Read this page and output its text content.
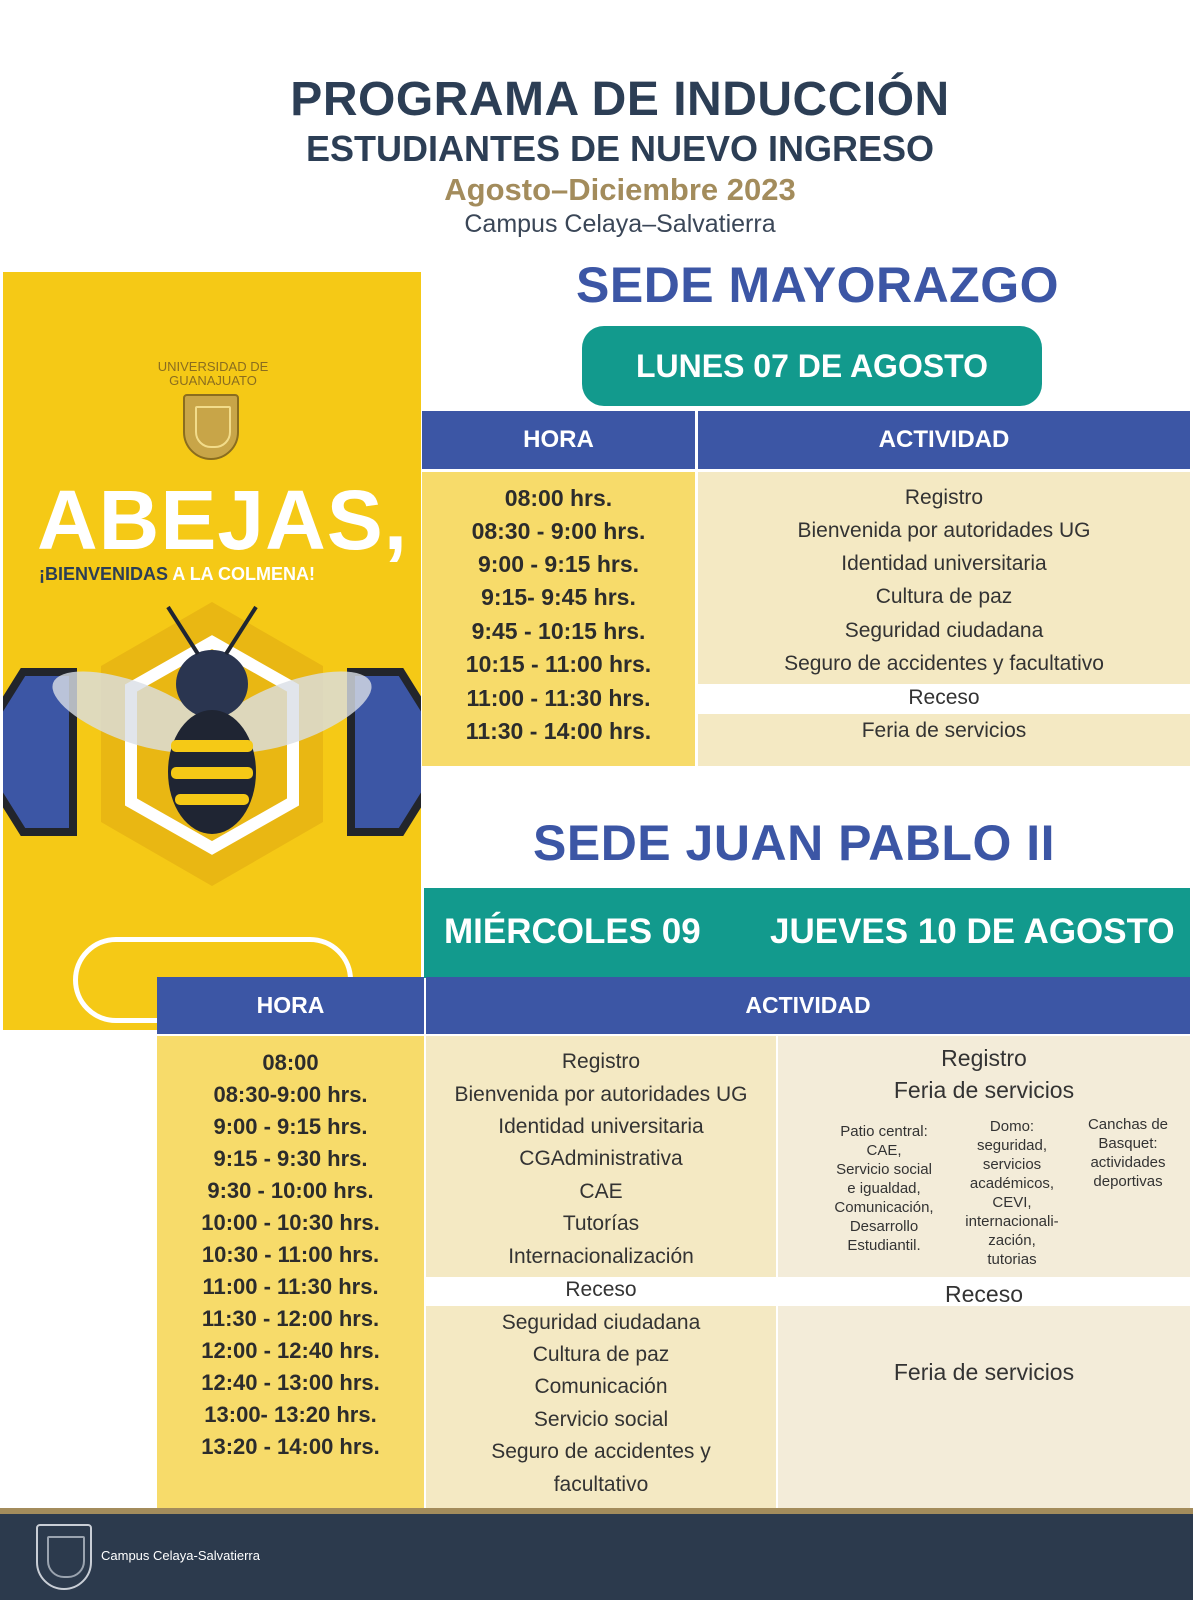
PROGRAMA DE INDUCCIÓN
ESTUDIANTES DE NUEVO INGRESO
Agosto–Diciembre 2023
Campus Celaya–Salvatierra
UNIVERSIDAD DE GUANAJUATO
ABEJAS,
¡BIENVENIDAS A LA COLMENA!
SEDE MAYORAZGO
LUNES 07 DE AGOSTO
HORA	ACTIVIDAD
Registro
Bienvenida por autoridades UG
Identidad universitaria
Cultura de paz
Seguridad ciudadana
Seguro de accidentes y facultativo
Receso
Feria de servicios
08:00 hrs.
08:30 - 9:00 hrs.
9:00 - 9:15 hrs.
9:15- 9:45 hrs.
9:45 - 10:15 hrs.
10:15 - 11:00 hrs.
11:00 - 11:30 hrs.
11:30 - 14:00 hrs.
SEDE JUAN PABLO II
MIÉRCOLES 09 JUEVES 10 DE AGOSTO
HORA	ACTIVIDAD
08:00
08:30-9:00 hrs.
9:00 - 9:15 hrs.
9:15 - 9:30 hrs.
9:30 - 10:00 hrs.
10:00 - 10:30 hrs.
10:30 - 11:00 hrs.
11:00 - 11:30 hrs.
11:30 - 12:00 hrs.
12:00 - 12:40 hrs.
12:40 - 13:00 hrs.
13:00- 13:20 hrs.
13:20 - 14:00 hrs.
Registro
Bienvenida por autoridades UG
Identidad universitaria
CGAdministrativa
CAE
Tutorías
Internacionalización
Receso
Seguridad ciudadana
Cultura de paz
Comunicación
Servicio social
Seguro de accidentes y
facultativo
Registro
Feria de servicios
Patio central:
CAE,
Servicio social
e igualdad,
Comunicación,
Desarrollo
Estudiantil.
Domo:
seguridad,
servicios
académicos,
CEVI,
internacionali-
zación,
tutorias
Canchas de
Basquet:
actividades
deportivas
Receso
Feria de servicios
Campus Celaya-Salvatierra
